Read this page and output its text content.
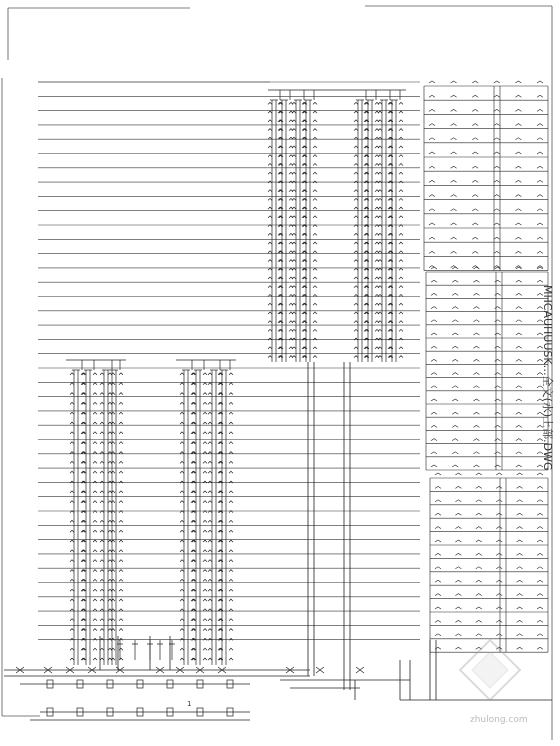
MHCAUHUUSK…全文(水)上部.DWG
1
zhulong.com
